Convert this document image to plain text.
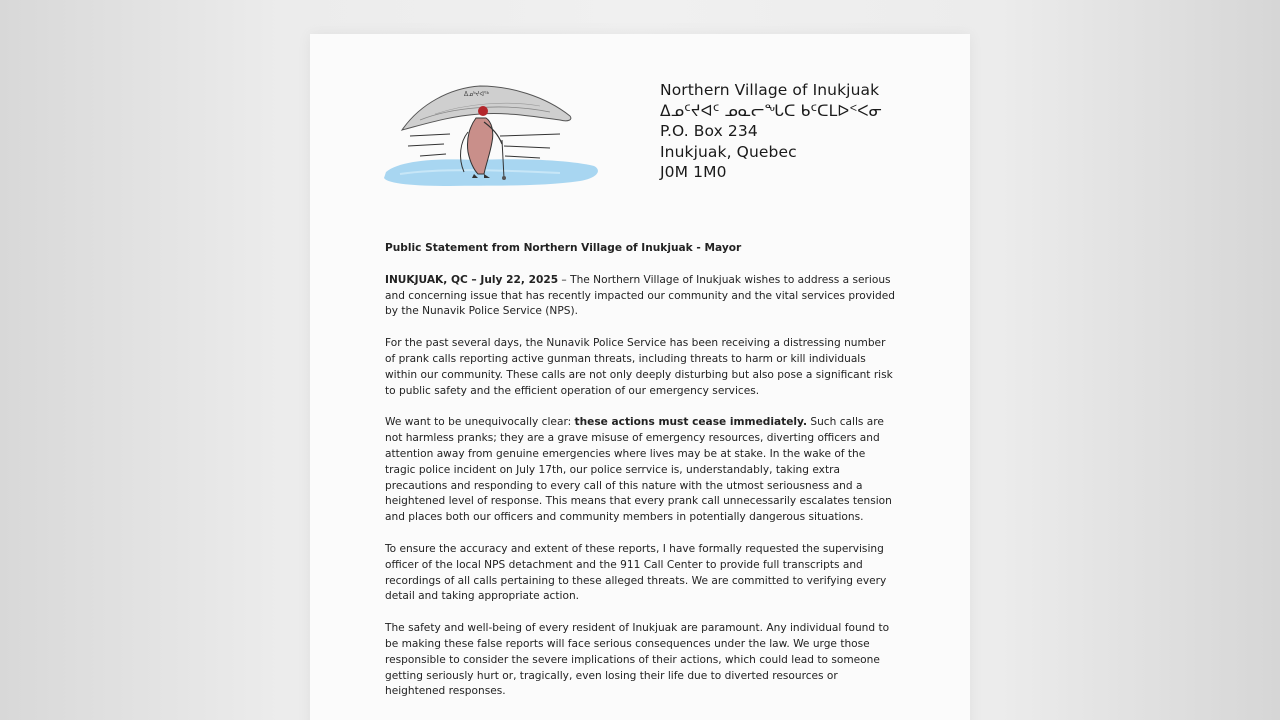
ᐃᓄᒃᔪᐊᖅ	Northern Village of Inukjuak
ᐃᓄᑦᔪᐊᑦ ᓄᓇᓕᖓᑕ ᑲᑦᑕᒪᐅᑉᐸᓂ
P.O. Box 234
Inukjuak, Quebec
J0M 1M0
Public Statement from Northern Village of Inukjuak - Mayor

INUKJUAK, QC – July 22, 2025 – The Northern Village of Inukjuak wishes to address a serious and concerning issue that has recently impacted our community and the vital services provided by the Nunavik Police Service (NPS).

For the past several days, the Nunavik Police Service has been receiving a distressing number of prank calls reporting active gunman threats, including threats to harm or kill individuals within our community. These calls are not only deeply disturbing but also pose a significant risk to public safety and the efficient operation of our emergency services.

We want to be unequivocally clear: these actions must cease immediately. Such calls are not harmless pranks; they are a grave misuse of emergency resources, diverting officers and attention away from genuine emergencies where lives may be at stake. In the wake of the tragic police incident on July 17th, our police serrvice is, understandably, taking extra precautions and responding to every call of this nature with the utmost seriousness and a heightened level of response. This means that every prank call unnecessarily escalates tension and places both our officers and community members in potentially dangerous situations.

To ensure the accuracy and extent of these reports, I have formally requested the supervising officer of the local NPS detachment and the 911 Call Center to provide full transcripts and recordings of all calls pertaining to these alleged threats. We are committed to verifying every detail and taking appropriate action.

The safety and well-being of every resident of Inukjuak are paramount. Any individual found to be making these false reports will face serious consequences under the law. We urge those responsible to consider the severe implications of their actions, which could lead to someone getting seriously hurt or, tragically, even losing their life due to diverted resources or heightened responses.
